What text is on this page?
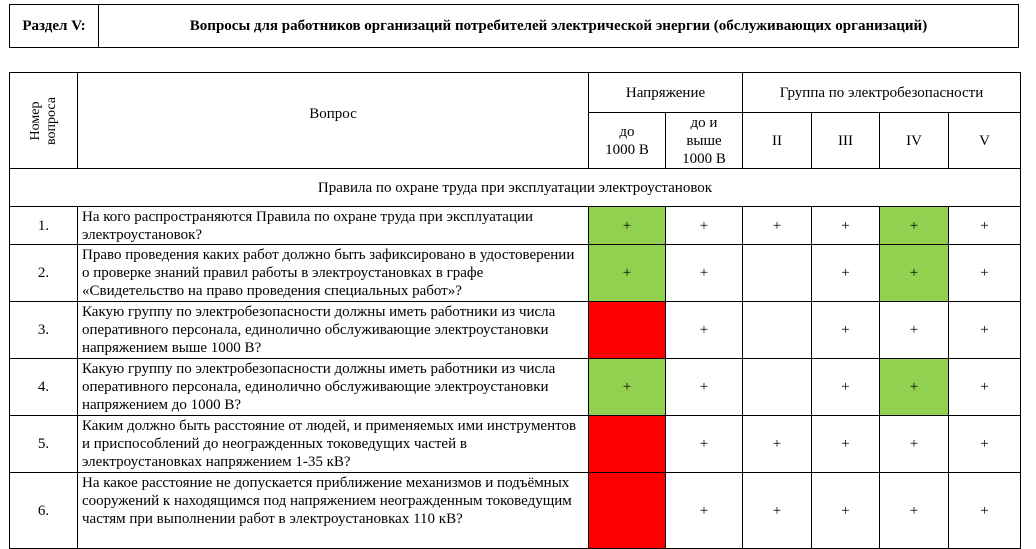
Раздел V:	Вопросы для работников организаций потребителей электрической энергии (обслуживающих организаций)
Номер вопроса	Вопрос	Напряжение		Группа по электробезопасности			
		до 1000 В	до и выше 1000 В	II	III	IV	V
Правила по охране труда при эксплуатации электроустановок							
1.	На кого распространяются Правила по охране труда при эксплуатации электроустановок?	+	+	+	+	+	+
2.	Право проведения каких работ должно быть зафиксировано в удостоверении о проверке знаний правил работы в электроустановках в графе «Свидетельство на право проведения специальных работ»?	+	+		+	+	+
3.	Какую группу по электробезопасности должны иметь работники из числа оперативного персонала, единолично обслуживающие электроустановки напряжением выше 1000 В?		+		+	+	+
4.	Какую группу по электробезопасности должны иметь работники из числа оперативного персонала, единолично обслуживающие электроустановки напряжением до 1000 В?	+	+		+	+	+
5.	Каким должно быть расстояние от людей, и применяемых ими инструментов и приспособлений до неогражденных токоведущих частей в электроустановках напряжением 1-35 кВ?		+	+	+	+	+
6.	На какое расстояние не допускается приближение механизмов и подъёмных сооружений к находящимся под напряжением неогражденным токоведущим частям при выполнении работ в электроустановках 110 кВ?		+	+	+	+	+
